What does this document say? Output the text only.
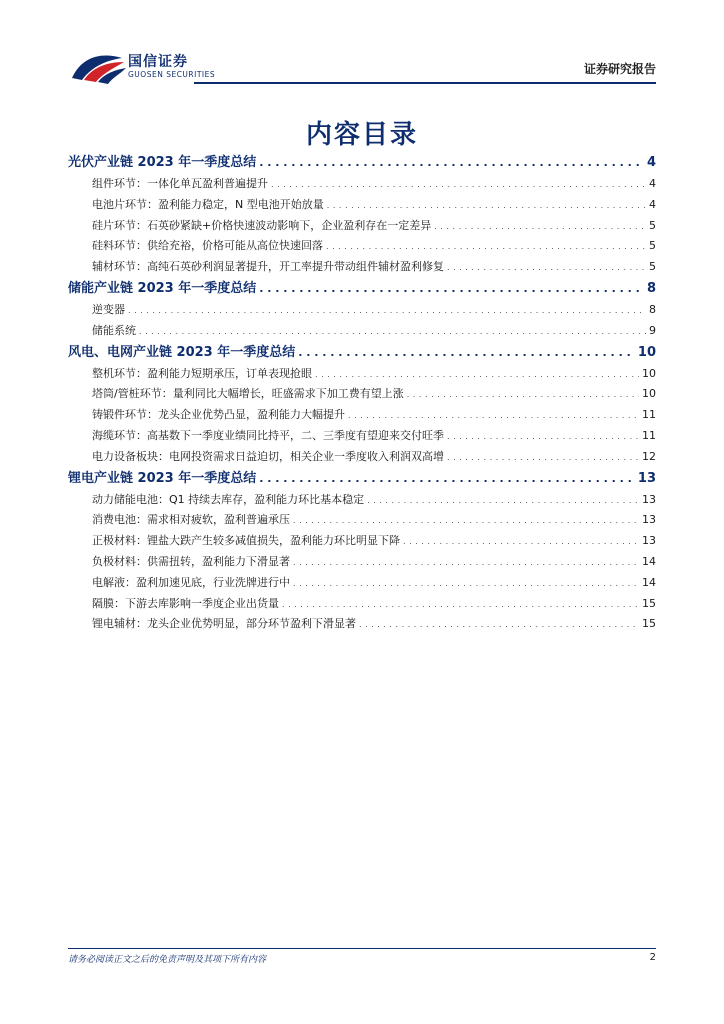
国信证券
GUOSEN SECURITIES	证券研究报告
内容目录
光伏产业链 2023 年一季度总结 . . .	4
组件环节：一体化单瓦盈利普遍提升 . . .	4
电池片环节：盈利能力稳定，N 型电池开始放量 . . .	4
硅片环节：石英砂紧缺+价格快速波动影响下，企业盈利存在一定差异 . . .	5
硅料环节：供给充裕，价格可能从高位快速回落 . . .	5
辅材环节：高纯石英砂利润显著提升，开工率提升带动组件辅材盈利修复 . . .	5
储能产业链 2023 年一季度总结 . . .	8
逆变器 . . .	8
储能系统 . . .	9
风电、电网产业链 2023 年一季度总结 . . .	10
整机环节：盈利能力短期承压，订单表现抢眼 . . .	10
塔筒/管桩环节：量利同比大幅增长，旺盛需求下加工费有望上涨 . . .	10
铸锻件环节：龙头企业优势凸显，盈利能力大幅提升 . . .	11
海缆环节：高基数下一季度业绩同比持平，二、三季度有望迎来交付旺季 . . .	11
电力设备板块：电网投资需求日益迫切，相关企业一季度收入利润双高增 . . .	12
锂电产业链 2023 年一季度总结 . . .	13
动力储能电池：Q1 持续去库存，盈利能力环比基本稳定 . . .	13
消费电池：需求相对疲软，盈利普遍承压 . . .	13
正极材料：锂盐大跌产生较多减值损失，盈利能力环比明显下降 . . .	13
负极材料：供需扭转，盈利能力下滑显著 . . .	14
电解液：盈利加速见底，行业洗牌进行中 . . .	14
隔膜：下游去库影响一季度企业出货量 . . .	15
锂电辅材：龙头企业优势明显，部分环节盈利下滑显著 . . .	15
请务必阅读正文之后的免责声明及其项下所有内容	2
